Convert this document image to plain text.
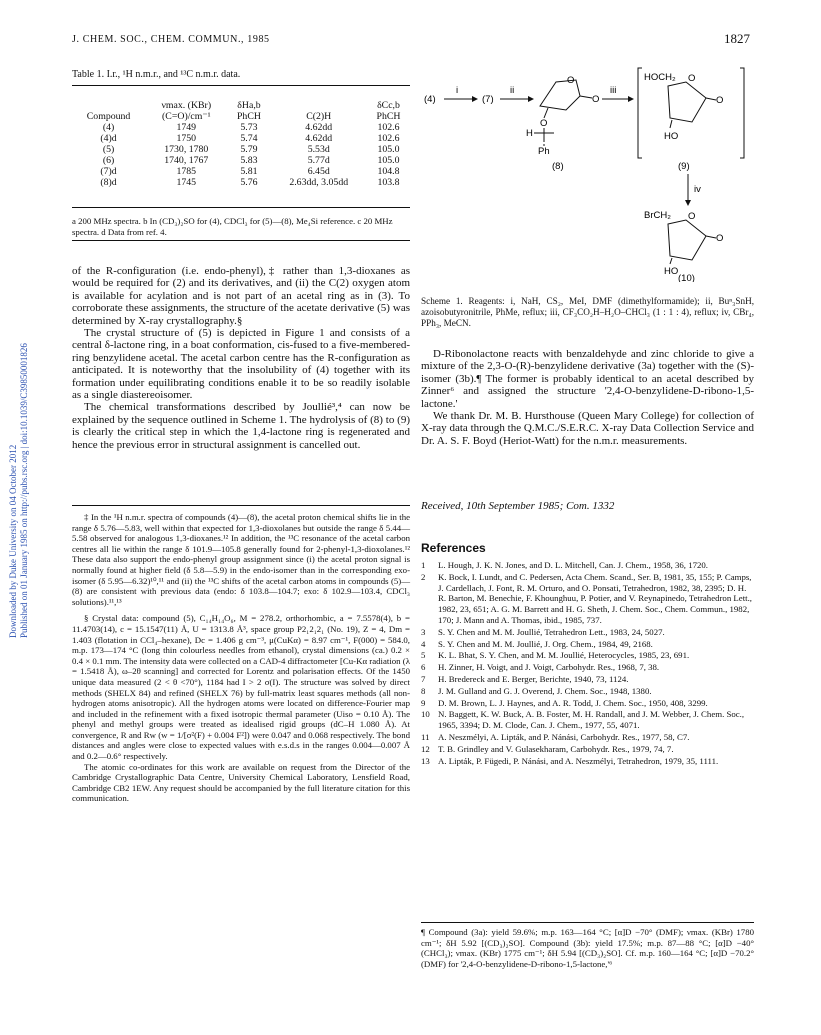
J. CHEM. SOC., CHEM. COMMUN., 1985	1827
Downloaded by Duke University on 04 October 2012 Published on 01 January 1985 on http://pubs.rsc.org | doi:10.1039/C39850001826
Table 1. I.r., ¹H n.m.r., and ¹³C n.m.r. data.
	νmax. (KBr)	δHa,b		δCc,b
Compound	(C=O)/cm⁻¹	PhCH	C(2)H	PhCH
(4)	1749	5.73	4.62dd	102.6
(4)d	1750	5.74	4.62dd	102.6
(5)	1730, 1780	5.79	5.53d	105.0
(6)	1740, 1767	5.83	5.77d	105.0
(7)d	1785	5.81	6.45d	104.8
(8)d	1745	5.76	2.63dd, 3.05dd	103.8
a 200 MHz spectra. b In (CD₃)₂SO for (4), CDCl₃ for (5)—(8), Me₄Si reference. c 20 MHz spectra. d Data from ref. 4.
(4)
i
(7)
ii
O
O
O
H
Ph
(8)
iii
HOCH₂
O
O
HO
(9)
iv
BrCH₂
O
O
HO
(10)
Scheme 1. Reagents: i, NaH, CS₂, MeI, DMF (dimethylformamide); ii, Buⁿ₃SnH, azoisobutyronitrile, PhMe, reflux; iii, CF₃CO₂H–H₂O–CHCl₃ (1 : 1 : 4), reflux; iv, CBr₄, PPh₃, MeCN.

of the R-configuration (i.e. endo-phenyl),‡ rather than 1,3-dioxanes as would be required for (2) and its derivatives, and (ii) the C(2) oxygen atom is available for acylation and is not part of an acetal ring as in (3). To corroborate these assignments, the structure of the acetate derivative (5) was determined by X-ray crystallography.§

The crystal structure of (5) is depicted in Figure 1 and consists of a central δ-lactone ring, in a boat conformation, cis-fused to a five-membered-ring benzylidene acetal. The acetal carbon centre has the R-configuration as anticipated. It is noteworthy that the insolubility of (4) together with its formation under equilibrating conditions enable it to be so readily isolable as a single diastereoisomer.

The chemical transformations described by Joullié³,⁴ can now be explained by the sequence outlined in Scheme 1. The hydrolysis of (8) to (9) is clearly the critical step in which the 1,4-lactone ring is regenerated and hence the previous error in structural assignment is cancelled out.

‡ In the ¹H n.m.r. spectra of compounds (4)—(8), the acetal proton chemical shifts lie in the range δ 5.76—5.83, well within that expected for 1,3-dioxolanes but outside the range δ 5.44—5.58 observed for analogous 1,3-dioxanes.¹² In addition, the ¹³C resonance of the acetal carbon centres all lie within the range δ 101.9—105.8 generally found for 2-phenyl-1,3-dioxolanes.¹² These data also support the endo-phenyl group assignment since (i) the acetal proton signal is normally found at higher field (δ 5.8—5.9) in the endo-isomer than in the corresponding exo-isomer (δ 5.95—6.32)¹⁰,¹¹ and (ii) the ¹³C shifts of the acetal carbon atoms in compounds (5)—(8) are consistent with previous data (endo: δ 103.8—104.7; exo: δ 102.9—103.4, CDCl₃ solutions).¹¹,¹³

§ Crystal data: compound (5), C₁₄H₁₄O₆, M = 278.2, orthorhombic, a = 7.5578(4), b = 11.4703(14), c = 15.1547(11) Å, U = 1313.8 Å³, space group P2₁2₁2₁ (No. 19), Z = 4, Dm = 1.403 (flotation in CCl₄–hexane), Dc = 1.406 g cm⁻³, μ(CuKα) = 8.97 cm⁻¹, F(000) = 584.0, m.p. 173—174 °C (long thin colourless needles from ethanol), crystal dimensions (ca.) 0.2 × 0.4 × 0.1 mm. The intensity data were collected on a CAD-4 diffractometer [Cu-Kα radiation (λ = 1.5418 Å), ω–2θ scanning] and corrected for Lorentz and polarisation effects. Of the 1450 unique data measured (2 < θ <70°), 1184 had I > 2 σ(I). The structure was solved by direct methods (SHELX 84) and refined (SHELX 76) by full-matrix least squares methods (all non-hydrogen atoms anisotropic). All the hydrogen atoms were located on difference-Fourier map and included in the refinement with a fixed isotropic thermal parameter (Uiso = 0.10 Å). The phenyl and methyl groups were treated as idealised rigid groups (dC–H 1.080 Å). At convergence, R and Rw (w = 1/[σ²(F) + 0.004 F²]) were 0.047 and 0.068 respectively. The bond distances and angles were close to expected values with e.s.d.s in the ranges 0.004—0.007 Å and 0.2—0.6° respectively.

The atomic co-ordinates for this work are available on request from the Director of the Cambridge Crystallographic Data Centre, University Chemical Laboratory, Lensfield Road, Cambridge CB2 1EW. Any request should be accompanied by the full literature citation for this communication.

D-Ribonolactone reacts with benzaldehyde and zinc chloride to give a mixture of the 2,3-O-(R)-benzylidene derivative (3a) together with the (S)-isomer (3b).¶ The former is probably identical to an acetal described by Zinner⁶ and assigned the structure '2,4-O-benzylidene-D-ribono-1,5-lactone.'

We thank Dr. M. B. Hursthouse (Queen Mary College) for collection of X-ray data through the Q.M.C./S.E.R.C. X-ray Data Collection Service and Dr. A. S. F. Boyd (Heriot-Watt) for the n.m.r. measurements.

Received, 10th September 1985; Com. 1332
References
1 L. Hough, J. K. N. Jones, and D. L. Mitchell, Can. J. Chem., 1958, 36, 1720.
2 K. Bock, I. Lundt, and C. Pedersen, Acta Chem. Scand., Ser. B, 1981, 35, 155; P. Camps, J. Cardellach, J. Font, R. M. Orturo, and O. Ponsati, Tetrahedron, 1982, 38, 2395; D. H. R. Barton, M. Benechie, F. Khounghuu, P. Potier, and V. Reynapinedo, Tetrahedron Lett., 1982, 23, 651; A. G. M. Barrett and H. G. Sheth, J. Chem. Soc., Chem. Commun., 1982, 170; J. Mann and A. Thomas, ibid., 1985, 737.
3 S. Y. Chen and M. M. Joullié, Tetrahedron Lett., 1983, 24, 5027.
4 S. Y. Chen and M. M. Joullié, J. Org. Chem., 1984, 49, 2168.
5 K. L. Bhat, S. Y. Chen, and M. M. Joullié, Heterocycles, 1985, 23, 691.
6 H. Zinner, H. Voigt, and J. Voigt, Carbohydr. Res., 1968, 7, 38.
7 H. Bredereck and E. Berger, Berichte, 1940, 73, 1124.
8 J. M. Gulland and G. J. Overend, J. Chem. Soc., 1948, 1380.
9 D. M. Brown, L. J. Haynes, and A. R. Todd, J. Chem. Soc., 1950, 408, 3299.
10 N. Baggett, K. W. Buck, A. B. Foster, M. H. Randall, and J. M. Webber, J. Chem. Soc., 1965, 3394; D. M. Clode, Can. J. Chem., 1977, 55, 4071.
11 A. Neszmélyi, A. Lipták, and P. Nánási, Carbohydr. Res., 1977, 58, C7.
12 T. B. Grindley and V. Gulasekharam, Carbohydr. Res., 1979, 74, 7.
13 A. Lipták, P. Fügedi, P. Nánási, and A. Neszmélyi, Tetrahedron, 1979, 35, 1111.
¶ Compound (3a): yield 59.6%; m.p. 163—164 °C; [α]D −70° (DMF); νmax. (KBr) 1780 cm⁻¹; δH 5.92 [(CD₃)₂SO]. Compound (3b): yield 17.5%; m.p. 87—88 °C; [α]D −40° (CHCl₃); νmax. (KBr) 1775 cm⁻¹; δH 5.94 [(CD₃)₂SO]. Cf. m.p. 160—164 °C; [α]D −70.2° (DMF) for '2,4-O-benzylidene-D-ribono-1,5-lactone,'⁶
